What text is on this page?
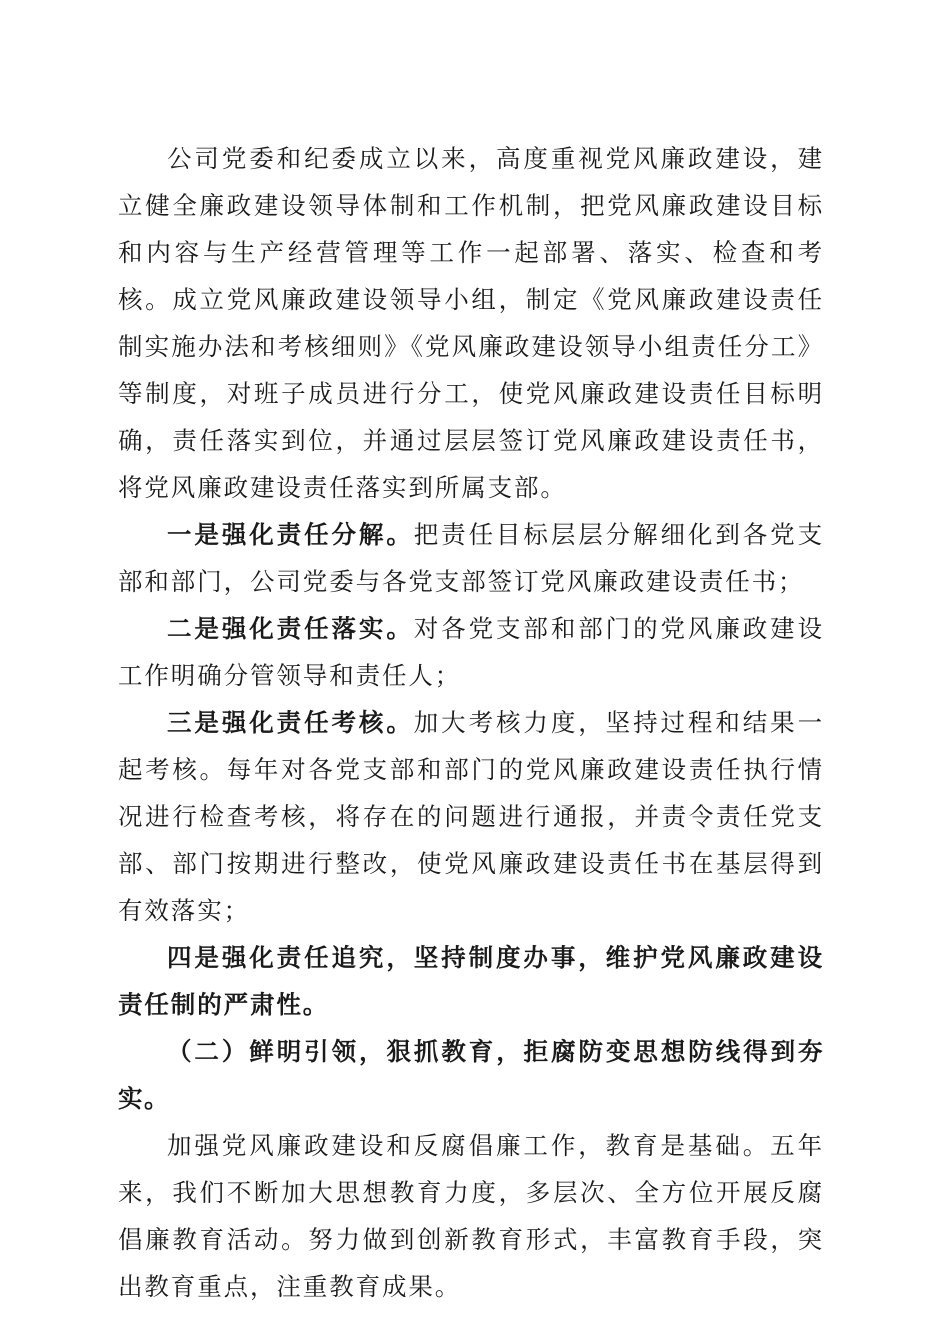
公司党委和纪委成立以来，高度重视党风廉政建设，建立健全廉政建设领导体制和工作机制，把党风廉政建设目标和内容与生产经营管理等工作一起部署、落实、检查和考核。成立党风廉政建设领导小组，制定《党风廉政建设责任制实施办法和考核细则》《党风廉政建设领导小组责任分工》等制度，对班子成员进行分工，使党风廉政建设责任目标明确，责任落实到位，并通过层层签订党风廉政建设责任书，将党风廉政建设责任落实到所属支部。

一是强化责任分解。把责任目标层层分解细化到各党支部和部门，公司党委与各党支部签订党风廉政建设责任书；

二是强化责任落实。对各党支部和部门的党风廉政建设工作明确分管领导和责任人；

三是强化责任考核。加大考核力度，坚持过程和结果一起考核。每年对各党支部和部门的党风廉政建设责任执行情况进行检查考核，将存在的问题进行通报，并责令责任党支部、部门按期进行整改，使党风廉政建设责任书在基层得到有效落实；

四是强化责任追究，坚持制度办事，维护党风廉政建设责任制的严肃性。

（二）鲜明引领，狠抓教育，拒腐防变思想防线得到夯实。

加强党风廉政建设和反腐倡廉工作，教育是基础。五年来，我们不断加大思想教育力度，多层次、全方位开展反腐倡廉教育活动。努力做到创新教育形式，丰富教育手段，突出教育重点，注重教育成果。
